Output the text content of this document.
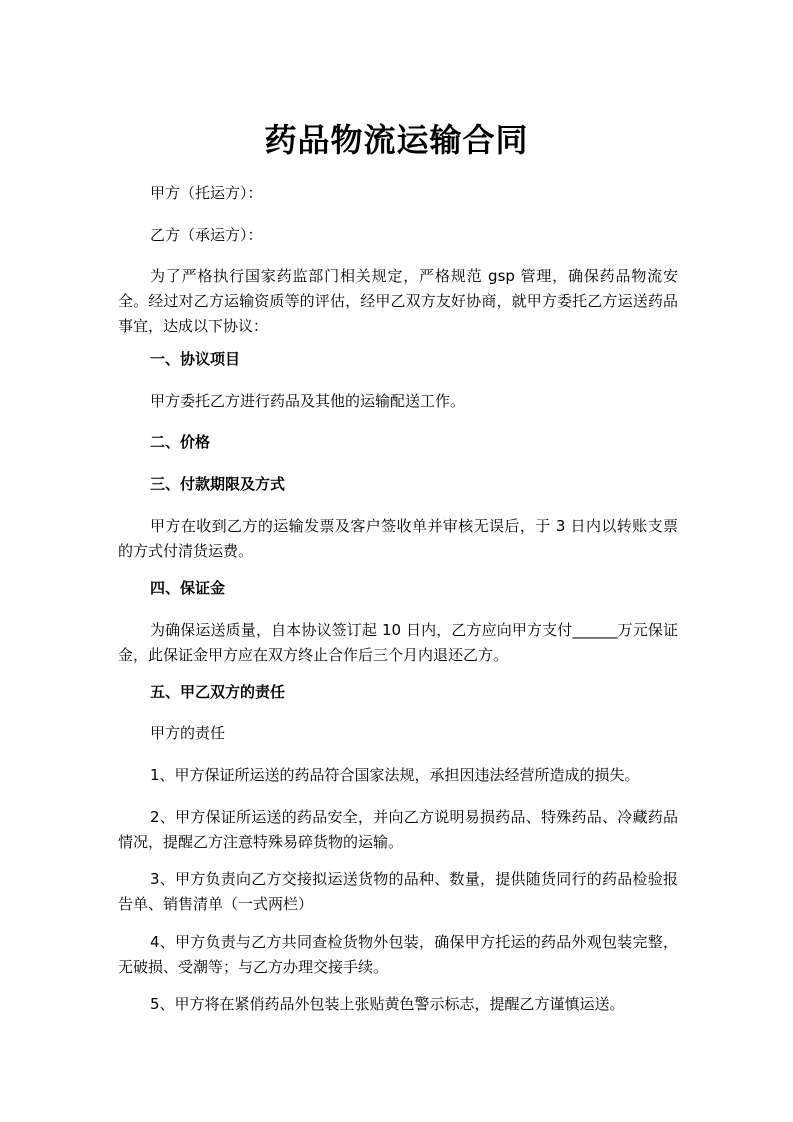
药品物流运输合同

甲方（托运方）：

乙方（承运方）：

为了严格执行国家药监部门相关规定，严格规范 gsp 管理，确保药品物流安全。经过对乙方运输资质等的评估，经甲乙双方友好协商，就甲方委托乙方运送药品事宜，达成以下协议：

一、协议项目

甲方委托乙方进行药品及其他的运输配送工作。

二、价格

三、付款期限及方式

甲方在收到乙方的运输发票及客户签收单并审核无误后，于 3 日内以转账支票的方式付清货运费。

四、保证金

为确保运送质量，自本协议签订起 10 日内，乙方应向甲方支付______万元保证金，此保证金甲方应在双方终止合作后三个月内退还乙方。

五、甲乙双方的责任

甲方的责任

1、甲方保证所运送的药品符合国家法规，承担因违法经营所造成的损失。

2、甲方保证所运送的药品安全，并向乙方说明易损药品、特殊药品、冷藏药品情况，提醒乙方注意特殊易碎货物的运输。

3、甲方负责向乙方交接拟运送货物的品种、数量，提供随货同行的药品检验报告单、销售清单（一式两栏）

4、甲方负责与乙方共同查检货物外包装，确保甲方托运的药品外观包装完整，无破损、受潮等；与乙方办理交接手续。

5、甲方将在紧俏药品外包装上张贴黄色警示标志，提醒乙方谨慎运送。
